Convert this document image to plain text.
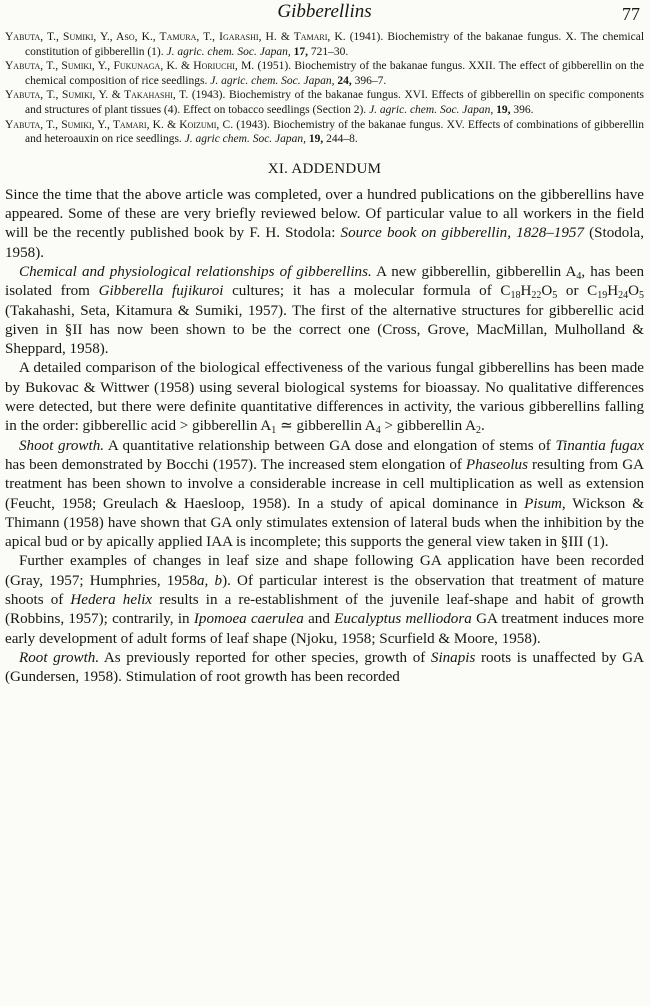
Gibberellins	77

Yabuta, T., Sumiki, Y., Aso, K., Tamura, T., Igarashi, H. & Tamari, K. (1941). Biochemistry of the bakanae fungus. X. The chemical constitution of gibberellin (1). J. agric. chem. Soc. Japan, 17, 721–30.

Yabuta, T., Sumiki, Y., Fukunaga, K. & Horiuchi, M. (1951). Biochemistry of the bakanae fungus. XXII. The effect of gibberellin on the chemical composition of rice seedlings. J. agric. chem. Soc. Japan, 24, 396–7.

Yabuta, T., Sumiki, Y. & Takahashi, T. (1943). Biochemistry of the bakanae fungus. XVI. Effects of gibberellin on specific components and structures of plant tissues (4). Effect on tobacco seedlings (Section 2). J. agric. chem. Soc. Japan, 19, 396.

Yabuta, T., Sumiki, Y., Tamari, K. & Koizumi, C. (1943). Biochemistry of the bakanae fungus. XV. Effects of combinations of gibberellin and heteroauxin on rice seedlings. J. agric chem. Soc. Japan, 19, 244–8.

XI. ADDENDUM

Since the time that the above article was completed, over a hundred publications on the gibberellins have appeared. Some of these are very briefly reviewed below. Of particular value to all workers in the field will be the recently published book by F. H. Stodola: Source book on gibberellin, 1828–1957 (Stodola, 1958).

Chemical and physiological relationships of gibberellins. A new gibberellin, gibberellin $A_4$, has been isolated from Gibberella fujikuroi cultures; it has a molecular formula of $C_{18}H_{22}O_5$ or $C_{19}H_{24}O_5$ (Takahashi, Seta, Kitamura & Sumiki, 1957). The first of the alternative structures for gibberellic acid given in §II has now been shown to be the correct one (Cross, Grove, MacMillan, Mulholland & Sheppard, 1958).

A detailed comparison of the biological effectiveness of the various fungal gibberellins has been made by Bukovac & Wittwer (1958) using several biological systems for bioassay. No qualitative differences were detected, but there were definite quantitative differences in activity, the various gibberellins falling in the order: gibberellic acid > gibberellin $A_1$ ≃ gibberellin $A_4$ > gibberellin $A_2$.

Shoot growth. A quantitative relationship between GA dose and elongation of stems of Tinantia fugax has been demonstrated by Bocchi (1957). The increased stem elongation of Phaseolus resulting from GA treatment has been shown to involve a considerable increase in cell multiplication as well as extension (Feucht, 1958; Greulach & Haesloop, 1958). In a study of apical dominance in Pisum, Wickson & Thimann (1958) have shown that GA only stimulates extension of lateral buds when the inhibition by the apical bud or by apically applied IAA is incomplete; this supports the general view taken in §III (1).

Further examples of changes in leaf size and shape following GA application have been recorded (Gray, 1957; Humphries, 1958a, b). Of particular interest is the observation that treatment of mature shoots of Hedera helix results in a re-establishment of the juvenile leaf-shape and habit of growth (Robbins, 1957); contrarily, in Ipomoea caerulea and Eucalyptus melliodora GA treatment induces more early development of adult forms of leaf shape (Njoku, 1958; Scurfield & Moore, 1958).

Root growth. As previously reported for other species, growth of Sinapis roots is unaffected by GA (Gundersen, 1958). Stimulation of root growth has been recorded
